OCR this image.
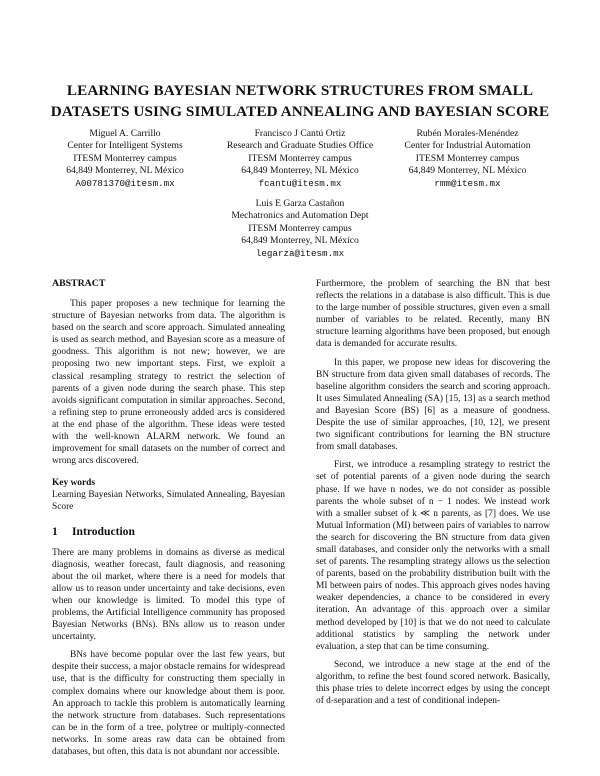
LEARNING BAYESIAN NETWORK STRUCTURES FROM SMALL
DATASETS USING SIMULATED ANNEALING AND BAYESIAN SCORE
Miguel A. Carrillo
Center for Intelligent Systems
ITESM Monterrey campus
64,849 Monterrey, NL México
A00781370@itesm.mx
Francisco J Cantú Ortiz
Research and Graduate Studies Office
ITESM Monterrey campus
64,849 Monterrey, NL México
fcantu@itesm.mx
Rubén Morales-Menéndez
Center for Industrial Automation
ITESM Monterrey campus
64,849 Monterrey, NL México
rmm@itesm.mx
Luis E Garza Castañon
Mechatronics and Automation Dept
ITESM Monterrey campus
64,849 Monterrey, NL México
legarza@itesm.mx
ABSTRACT

This paper proposes a new technique for learning the structure of Bayesian networks from data. The algorithm is based on the search and score approach. Simulated annealing is used as search method, and Bayesian score as a measure of goodness. This algorithm is not new; however, we are proposing two new important steps. First, we exploit a classical resampling strategy to restrict the selection of parents of a given node during the search phase. This step avoids significant computation in similar approaches. Second, a refining step to prune erroneously added arcs is considered at the end phase of the algorithm. These ideas were tested with the well-known ALARM network. We found an improvement for small datasets on the number of correct and wrong arcs discovered.

Key words

Learning Bayesian Networks, Simulated Annealing, Bayesian Score

1 Introduction

There are many problems in domains as diverse as medical diagnosis, weather forecast, fault diagnosis, and reasoning about the oil market, where there is a need for models that allow us to reason under uncertainty and take decisions, even when our knowledge is limited. To model this type of problems, the Artificial Intelligence community has proposed Bayesian Networks (BNs). BNs allow us to reason under uncertainty.

BNs have become popular over the last few years, but despite their success, a major obstacle remains for widespread use, that is the difficulty for constructing them specially in complex domains where our knowledge about them is poor. An approach to tackle this problem is automatically learning the network structure from databases. Such representations can be in the form of a tree, polytree or multiply-connected networks. In some areas raw data can be obtained from databases, but often, this data is not abundant nor accessible.

Furthermore, the problem of searching the BN that best reflects the relations in a database is also difficult. This is due to the large number of possible structures, given even a small number of variables to be related. Recently, many BN structure learning algorithms have been proposed, but enough data is demanded for accurate results.

In this paper, we propose new ideas for discovering the BN structure from data given small databases of records. The baseline algorithm considers the search and scoring approach. It uses Simulated Annealing (SA) [15, 13] as a search method and Bayesian Score (BS) [6] as a measure of goodness. Despite the use of similar approaches, [10, 12], we present two significant contributions for learning the BN structure from small databases.

First, we introduce a resampling strategy to restrict the set of potential parents of a given node during the search phase. If we have n nodes, we do not consider as possible parents the whole subset of n − 1 nodes. We instead work with a smaller subset of k ≪ n parents, as [7] does. We use Mutual Information (MI) between pairs of variables to narrow the search for discovering the BN structure from data given small databases, and consider only the networks with a small set of parents. The resampling strategy allows us the selection of parents, based on the probability distribution built with the MI between pairs of nodes. This approach gives nodes having weaker dependencies, a chance to be considered in every iteration. An advantage of this approach over a similar method developed by [10] is that we do not need to calculate additional statistics by sampling the network under evaluation, a step that can be time consuming.

Second, we introduce a new stage at the end of the algorithm, to refine the best found scored network. Basically, this phase tries to delete incorrect edges by using the concept of d-separation and a test of conditional indepen-
